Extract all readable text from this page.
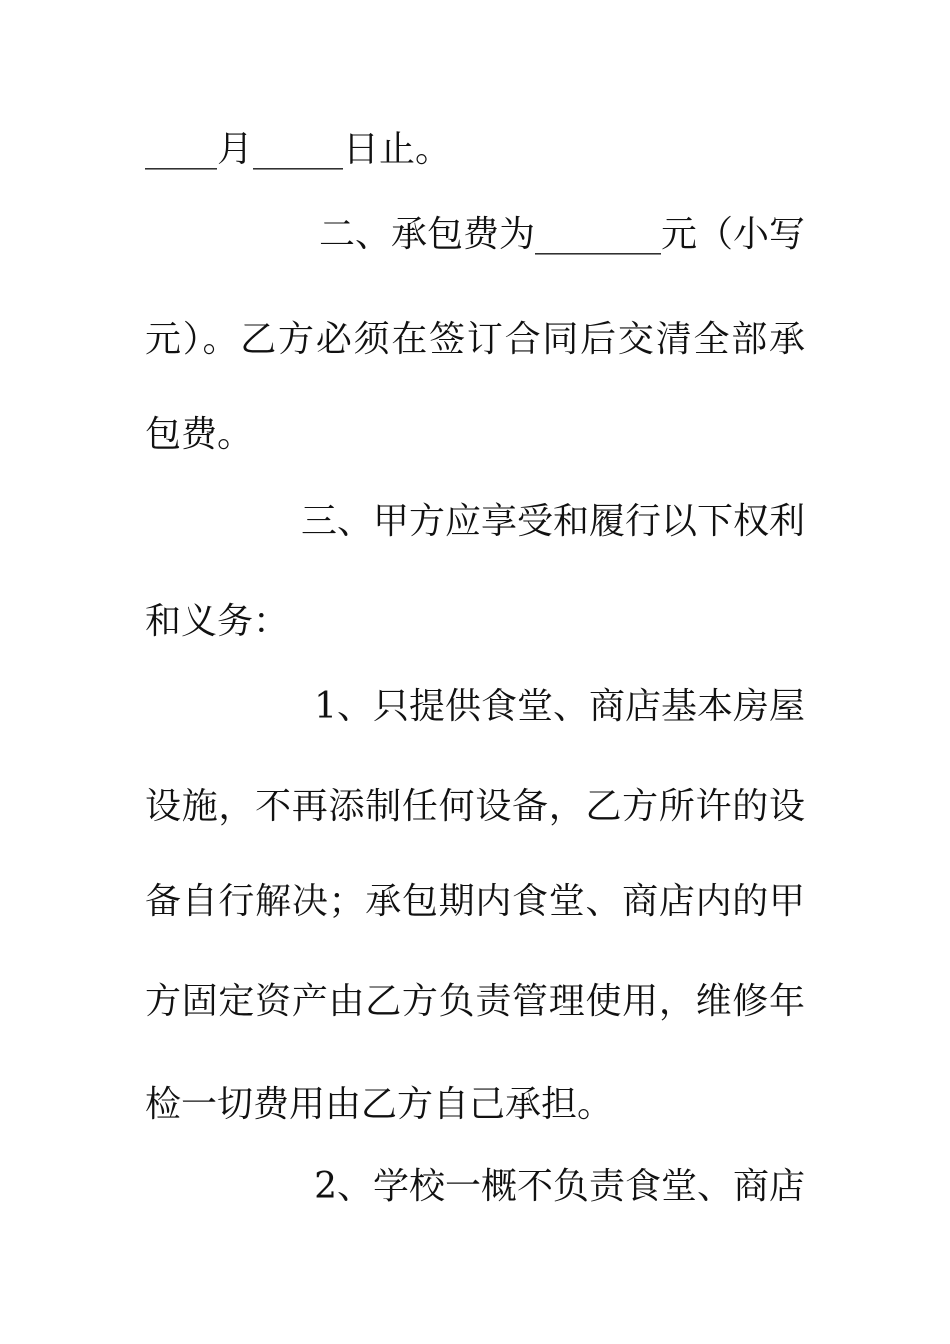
____月_____日止。
二、承包费为_______元（小写
元）。乙方必须在签订合同后交清全部承
包费。
三、甲方应享受和履行以下权利
和义务：
1、只提供食堂、商店基本房屋
设施，不再添制任何设备，乙方所许的设
备自行解决；承包期内食堂、商店内的甲
方固定资产由乙方负责管理使用，维修年
检一切费用由乙方自己承担。
2、学校一概不负责食堂、商店
